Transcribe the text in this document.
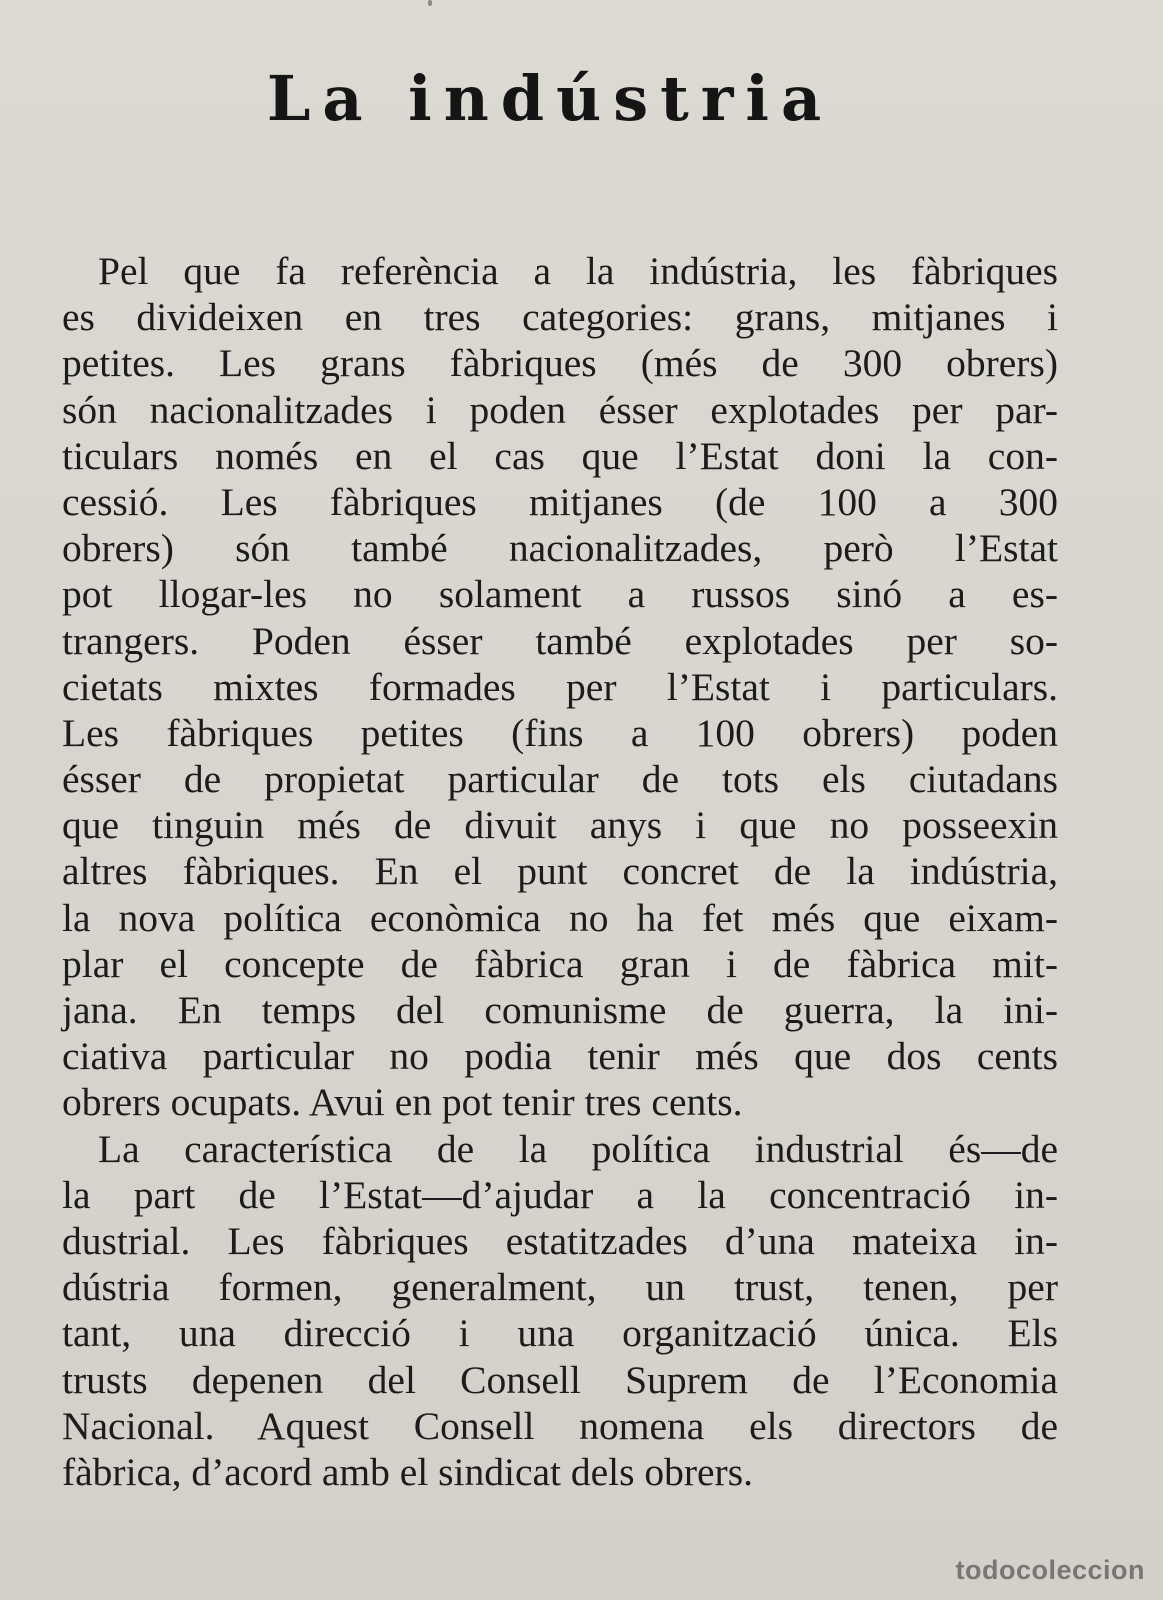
La indústria
Pel que fa referència a la indústria, les fàbriques
es divideixen en tres categories: grans, mitjanes i
petites. Les grans fàbriques (més de 300 obrers)
són nacionalitzades i poden ésser explotades per par-
ticulars només en el cas que l’Estat doni la con-
cessió. Les fàbriques mitjanes (de 100 a 300
obrers) són també nacionalitzades, però l’Estat
pot llogar-les no solament a russos sinó a es-
trangers. Poden ésser també explotades per so-
cietats mixtes formades per l’Estat i particulars.
Les fàbriques petites (fins a 100 obrers) poden
ésser de propietat particular de tots els ciutadans
que tinguin més de divuit anys i que no posseexin
altres fàbriques. En el punt concret de la indústria,
la nova política econòmica no ha fet més que eixam-
plar el concepte de fàbrica gran i de fàbrica mit-
jana. En temps del comunisme de guerra, la ini-
ciativa particular no podia tenir més que dos cents
obrers ocupats. Avui en pot tenir tres cents.
La característica de la política industrial és—de
la part de l’Estat—d’ajudar a la concentració in-
dustrial. Les fàbriques estatitzades d’una mateixa in-
dústria formen, generalment, un trust, tenen, per
tant, una direcció i una organització única. Els
trusts depenen del Consell Suprem de l’Economia
Nacional. Aquest Consell nomena els directors de
fàbrica, d’acord amb el sindicat dels obrers.
todocoleccion
